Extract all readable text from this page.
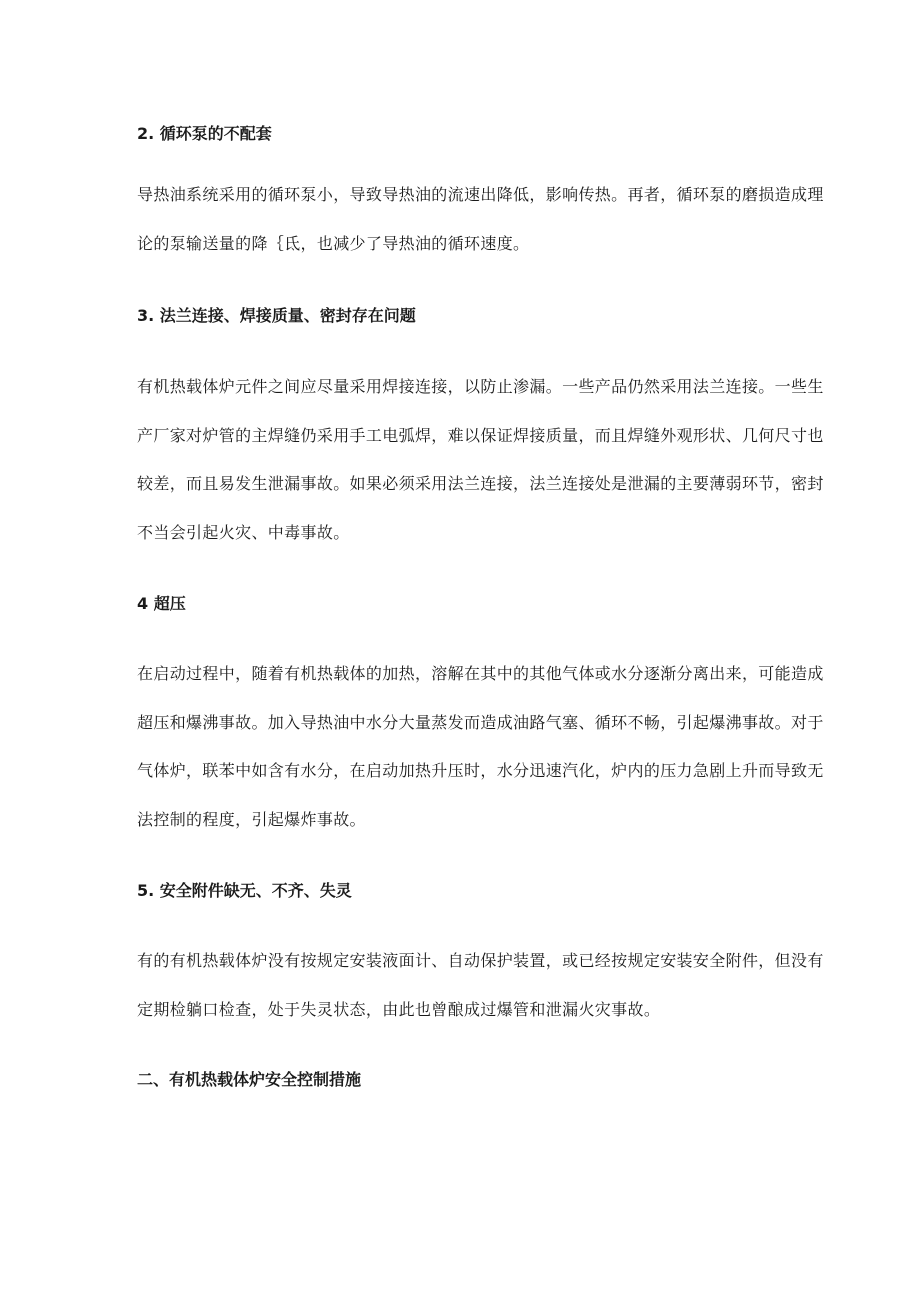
2. 循环泵的不配套
导热油系统采用的循环泵小，导致导热油的流速出降低，影响传热。再者，循环泵的磨损造成理
论的泵输送量的降｛氐，也减少了导热油的循环速度。
3. 法兰连接、焊接质量、密封存在问题
有机热载体炉元件之间应尽量采用焊接连接，以防止渗漏。一些产品仍然采用法兰连接。一些生
产厂家对炉管的主焊缝仍采用手工电弧焊，难以保证焊接质量，而且焊缝外观形状、几何尺寸也
较差，而且易发生泄漏事故。如果必须采用法兰连接，法兰连接处是泄漏的主要薄弱环节，密封
不当会引起火灾、中毒事故。
4 超压
在启动过程中，随着有机热载体的加热，溶解在其中的其他气体或水分逐渐分离出来，可能造成
超压和爆沸事故。加入导热油中水分大量蒸发而造成油路气塞、循环不畅，引起爆沸事故。对于
气体炉，联苯中如含有水分，在启动加热升压时，水分迅速汽化，炉内的压力急剧上升而导致无
法控制的程度，引起爆炸事故。
5. 安全附件缺无、不齐、失灵
有的有机热载体炉没有按规定安装液面计、自动保护装置，或已经按规定安装安全附件，但没有
定期检躺口检查，处于失灵状态，由此也曾酿成过爆管和泄漏火灾事故。
二、有机热载体炉安全控制措施
